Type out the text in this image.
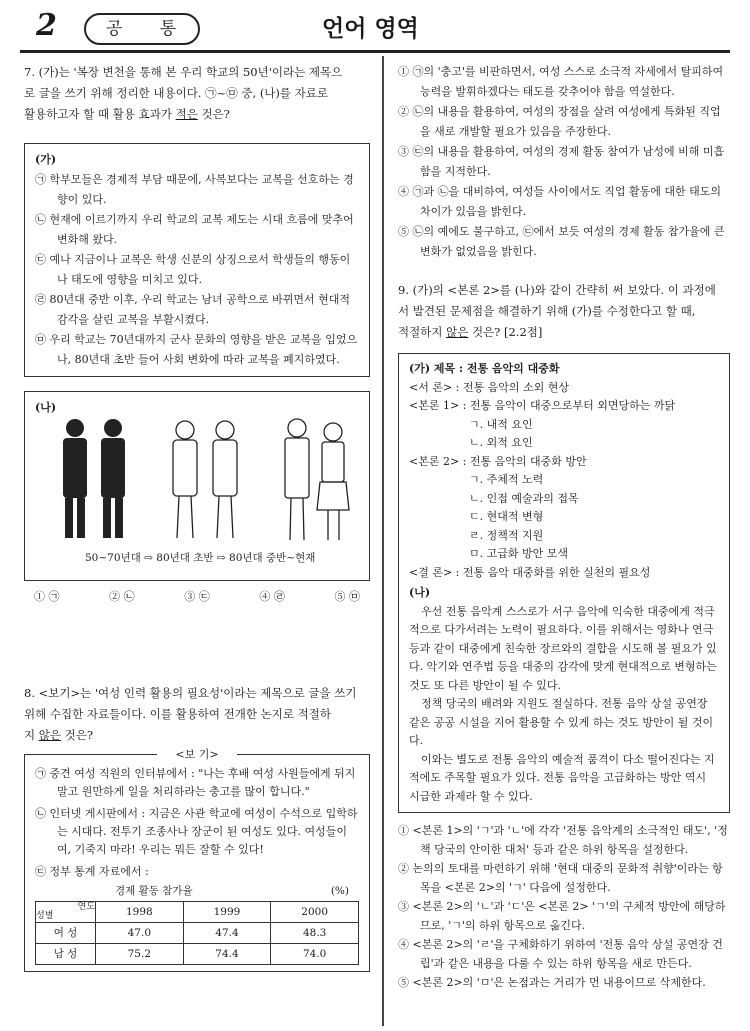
2	공 통	언어 영역
7. (가)는 '복장 변천을 통해 본 우리 학교의 50년'이라는 제목으
로 글을 쓰기 위해 정리한 내용이다. ㉠~㉤ 중, (나)를 자료로
활용하고자 할 때 활용 효과가 적은 것은?
(가)
㉠ 학부모들은 경제적 부담 때문에, 사복보다는 교복을 선호하는 경향이 있다.
㉡ 현재에 이르기까지 우리 학교의 교복 제도는 시대 흐름에 맞추어 변화해 왔다.
㉢ 예나 지금이나 교복은 학생 신분의 상징으로서 학생들의 행동이나 태도에 영향을 미치고 있다.
㉣ 80년대 중반 이후, 우리 학교는 남녀 공학으로 바뀌면서 현대적 감각을 살린 교복을 부활시켰다.
㉤ 우리 학교는 70년대까지 군사 문화의 영향을 받은 교복을 입었으나, 80년대 초반 들어 사회 변화에 따라 교복을 폐지하였다.
(나)
50~70년대 ⇨ 80년대 초반 ⇨ 80년대 중반~현재
① ㉠	② ㉡	③ ㉢	④ ㉣	⑤ ㉤
8. <보기>는 '여성 인력 활용의 필요성'이라는 제목으로 글을 쓰기
위해 수집한 자료들이다. 이를 활용하여 전개한 논지로 적절하
지 않은 것은?
<보 기>
㉠ 중견 여성 직원의 인터뷰에서 : "나는 후배 여성 사원들에게 뒤지 말고 원만하게 일을 처리하라는 충고를 많이 합니다."
㉡ 인터넷 게시판에서 : 지금은 사관 학교에 여성이 수석으로 입학하는 시대다. 전투기 조종사나 장군이 된 여성도 있다. 여성들이여, 기죽지 마라! 우리는 뭐든 잘할 수 있다!
㉢ 정부 통계 자료에서 :
경제 활동 참가율	(%)
연도
성별	1998	1999	2000
여 성	47.0	47.4	48.3
남 성	75.2	74.4	74.0
① ㉠의 '충고'를 비판하면서, 여성 스스로 소극적 자세에서 탈피하여 능력을 발휘하겠다는 태도를 갖추어야 함을 역설한다.
② ㉡의 내용을 활용하여, 여성의 장점을 살려 여성에게 특화된 직업을 새로 개발할 필요가 있음을 주장한다.
③ ㉢의 내용을 활용하여, 여성의 경제 활동 참여가 남성에 비해 미흡함을 지적한다.
④ ㉠과 ㉡을 대비하여, 여성들 사이에서도 직업 활동에 대한 태도의 차이가 있음을 밝힌다.
⑤ ㉡의 예에도 불구하고, ㉢에서 보듯 여성의 경제 활동 참가율에 큰 변화가 없었음을 밝힌다.
9. (가)의 <본론 2>를 (나)와 같이 간략히 써 보았다. 이 과정에
서 발견된 문제점을 해결하기 위해 (가)를 수정한다고 할 때,
적절하지 않은 것은? [2.2점]
(가) 제목 : 전통 음악의 대중화
<서 론> : 전통 음악의 소외 현상
<본론 1> : 전통 음악이 대중으로부터 외면당하는 까닭
ㄱ. 내적 요인
ㄴ. 외적 요인
<본론 2> : 전통 음악의 대중화 방안
ㄱ. 주체적 노력
ㄴ. 인접 예술과의 접목
ㄷ. 현대적 변형
ㄹ. 정책적 지원
ㅁ. 고급화 방안 모색
<결 론> : 전통 음악 대중화를 위한 실천의 필요성
(나)
우선 전통 음악계 스스로가 서구 음악에 익숙한 대중에게 적극적으로 다가서려는 노력이 필요하다. 이를 위해서는 영화나 연극 등과 같이 대중에게 친숙한 장르와의 결합을 시도해 볼 필요가 있다. 악기와 연주법 등을 대중의 감각에 맞게 현대적으로 변형하는 것도 또 다른 방안이 될 수 있다.
정책 당국의 배려와 지원도 절실하다. 전통 음악 상설 공연장 같은 공공 시설을 지어 활용할 수 있게 하는 것도 방안이 될 것이다.
이와는 별도로 전통 음악의 예술적 품격이 다소 떨어진다는 지적에도 주목할 필요가 있다. 전통 음악을 고급화하는 방안 역시 시급한 과제라 할 수 있다.
① <본론 1>의 'ㄱ'과 'ㄴ'에 각각 '전통 음악계의 소극적인 태도', '정책 당국의 안이한 대처' 등과 같은 하위 항목을 설정한다.
② 논의의 토대를 마련하기 위해 '현대 대중의 문화적 취향'이라는 항목을 <본론 2>의 'ㄱ' 다음에 설정한다.
③ <본론 2>의 'ㄴ'과 'ㄷ'은 <본론 2> 'ㄱ'의 구체적 방안에 해당하므로, 'ㄱ'의 하위 항목으로 옮긴다.
④ <본론 2>의 'ㄹ'을 구체화하기 위하여 '전통 음악 상설 공연장 건립'과 같은 내용을 다룰 수 있는 하위 항목을 새로 만든다.
⑤ <본론 2>의 'ㅁ'은 논점과는 거리가 먼 내용이므로 삭제한다.
